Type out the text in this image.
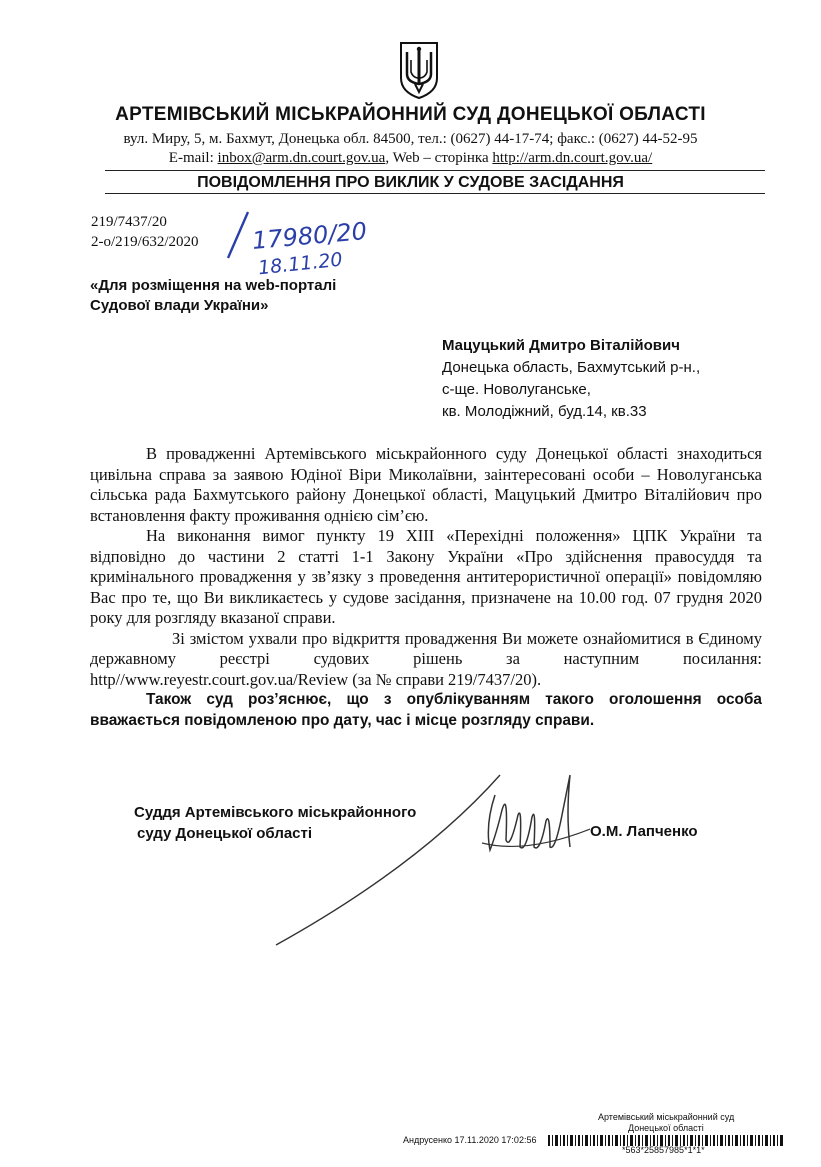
АРТЕМІВСЬКИЙ МІСЬКРАЙОННИЙ СУД ДОНЕЦЬКОЇ ОБЛАСТІ
вул. Миру, 5, м. Бахмут, Донецька обл. 84500, тел.: (0627) 44-17-74; факс.: (0627) 44-52-95
E-mail: inbox@arm.dn.court.gov.ua, Web – сторінка http://arm.dn.court.gov.ua/
ПОВІДОМЛЕННЯ ПРО ВИКЛИК У СУДОВЕ ЗАСІДАННЯ
219/7437/20
2-о/219/632/2020 17980/20
18.11.20
«Для розміщення на web-порталі
Судової влади України»
Мацуцький Дмитро Віталійович
Донецька область, Бахмутський р-н.,
с-ще. Новолуганське,
кв. Молодіжний, буд.14, кв.33

В провадженні Артемівського міськрайонного суду Донецької області знаходиться цивільна справа за заявою Юдіної Віри Миколаївни, заінтересовані особи – Новолуганська сільська рада Бахмутського району Донецької області, Мацуцький Дмитро Віталійович про встановлення факту проживання однією сім’єю.

На виконання вимог пункту 19 ХІІІ «Перехідні положення» ЦПК України та відповідно до частини 2 статті 1-1 Закону України «Про здійснення правосуддя та кримінального провадження у зв’язку з проведення антитерористичної операції» повідомляю Вас про те, що Ви викликаєтесь у судове засідання, призначене на 10.00 год. 07 грудня 2020 року для розгляду вказаної справи.

Зі змістом ухвали про відкриття провадження Ви можете ознайомитися в Єдиному державному реєстрі судових рішень за наступним посилання: http//www.reyestr.court.gov.ua/Review (за № справи 219/7437/20).

Також суд роз’яснює, що з опублікуванням такого оголошення особа вважається повідомленою про дату, час і місце розгляду справи.

Суддя Артемівського міськрайонного
суду Донецької області	О.М. Лапченко
Артемівський міськрайонний суд
Донецької області
Андрусенко 17.11.2020 17:02:56
*563*25857985*1*1*
